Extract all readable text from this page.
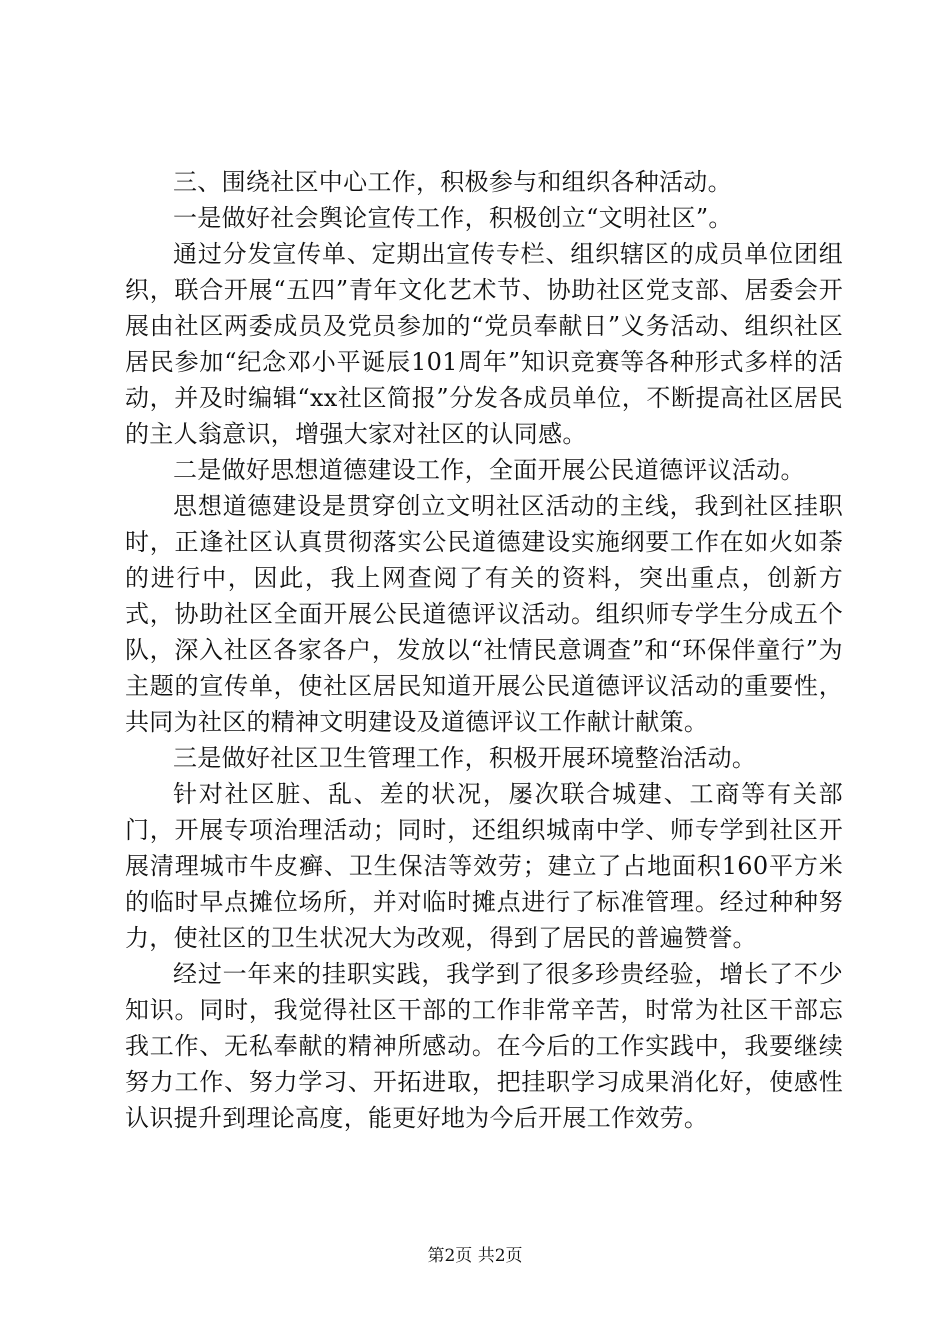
三、围绕社区中心工作，积极参与和组织各种活动。

一是做好社会舆论宣传工作，积极创立“文明社区”。

通过分发宣传单、定期出宣传专栏、组织辖区的成员单位团组织，联合开展“五四”青年文化艺术节、协助社区党支部、居委会开展由社区两委成员及党员参加的“党员奉献日”义务活动、组织社区居民参加“纪念邓小平诞辰101周年”知识竞赛等各种形式多样的活动，并及时编辑“xx社区简报”分发各成员单位，不断提高社区居民的主人翁意识，增强大家对社区的认同感。

二是做好思想道德建设工作，全面开展公民道德评议活动。

思想道德建设是贯穿创立文明社区活动的主线，我到社区挂职时，正逢社区认真贯彻落实公民道德建设实施纲要工作在如火如荼的进行中，因此，我上网查阅了有关的资料，突出重点，创新方式，协助社区全面开展公民道德评议活动。组织师专学生分成五个队，深入社区各家各户，发放以“社情民意调查”和“环保伴童行”为主题的宣传单，使社区居民知道开展公民道德评议活动的重要性，共同为社区的精神文明建设及道德评议工作献计献策。

三是做好社区卫生管理工作，积极开展环境整治活动。

针对社区脏、乱、差的状况，屡次联合城建、工商等有关部门，开展专项治理活动；同时，还组织城南中学、师专学到社区开展清理城市牛皮癣、卫生保洁等效劳；建立了占地面积160平方米的临时早点摊位场所，并对临时摊点进行了标准管理。经过种种努力，使社区的卫生状况大为改观，得到了居民的普遍赞誉。

经过一年来的挂职实践，我学到了很多珍贵经验，增长了不少知识。同时，我觉得社区干部的工作非常辛苦，时常为社区干部忘我工作、无私奉献的精神所感动。在今后的工作实践中，我要继续努力工作、努力学习、开拓进取，把挂职学习成果消化好，使感性认识提升到理论高度，能更好地为今后开展工作效劳。

第2页 共2页
